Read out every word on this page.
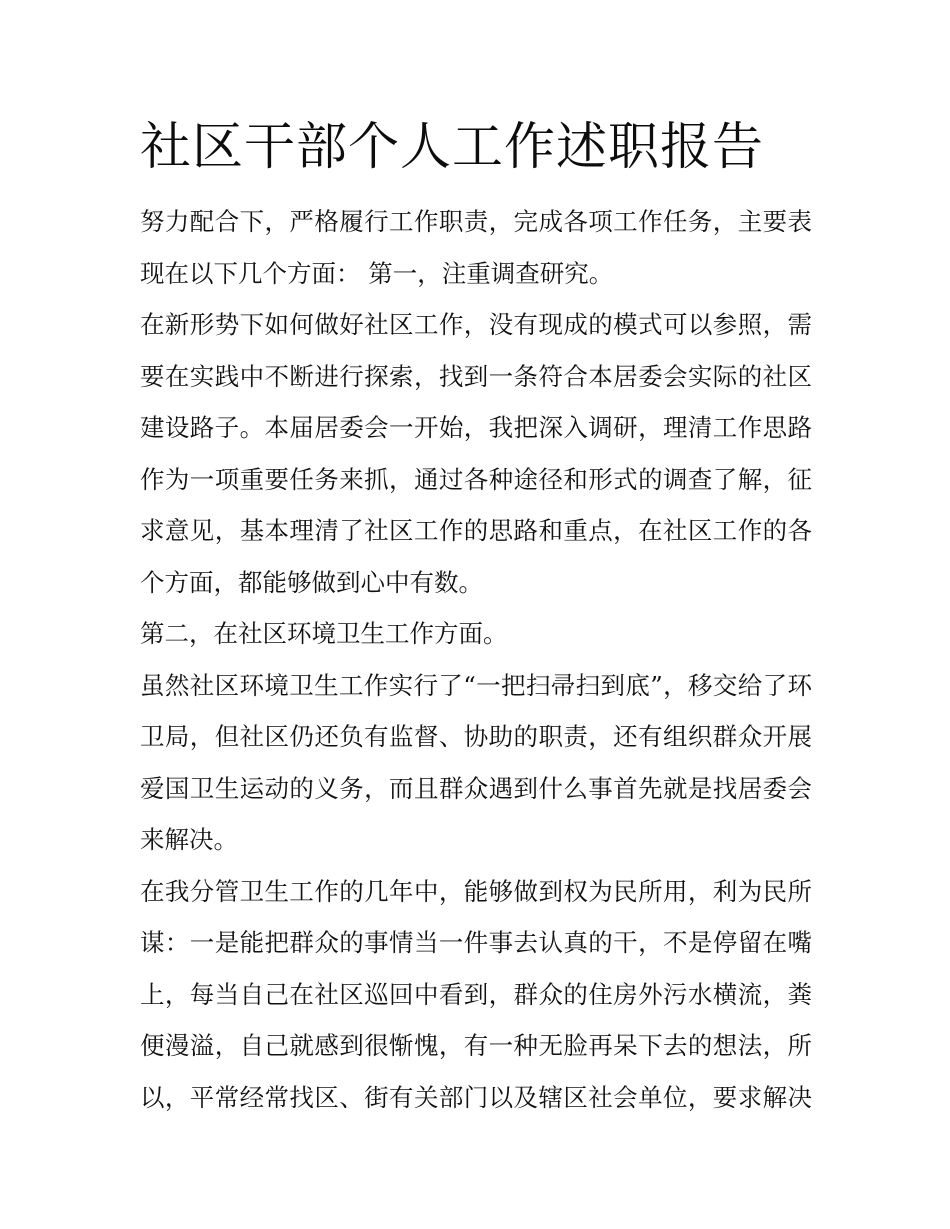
社区干部个人工作述职报告
努力配合下，严格履行工作职责，完成各项工作任务，主要表
现在以下几个方面： 第一，注重调查研究。
在新形势下如何做好社区工作，没有现成的模式可以参照，需
要在实践中不断进行探索，找到一条符合本居委会实际的社区
建设路子。本届居委会一开始，我把深入调研，理清工作思路
作为一项重要任务来抓，通过各种途径和形式的调查了解，征
求意见，基本理清了社区工作的思路和重点，在社区工作的各
个方面，都能够做到心中有数。
第二，在社区环境卫生工作方面。
虽然社区环境卫生工作实行了“一把扫帚扫到底”，移交给了环
卫局，但社区仍还负有监督、协助的职责，还有组织群众开展
爱国卫生运动的义务，而且群众遇到什么事首先就是找居委会
来解决。
在我分管卫生工作的几年中，能够做到权为民所用，利为民所
谋：一是能把群众的事情当一件事去认真的干，不是停留在嘴
上，每当自己在社区巡回中看到，群众的住房外污水横流，粪
便漫溢，自己就感到很惭愧，有一种无脸再呆下去的想法，所
以，平常经常找区、街有关部门以及辖区社会单位，要求解决
